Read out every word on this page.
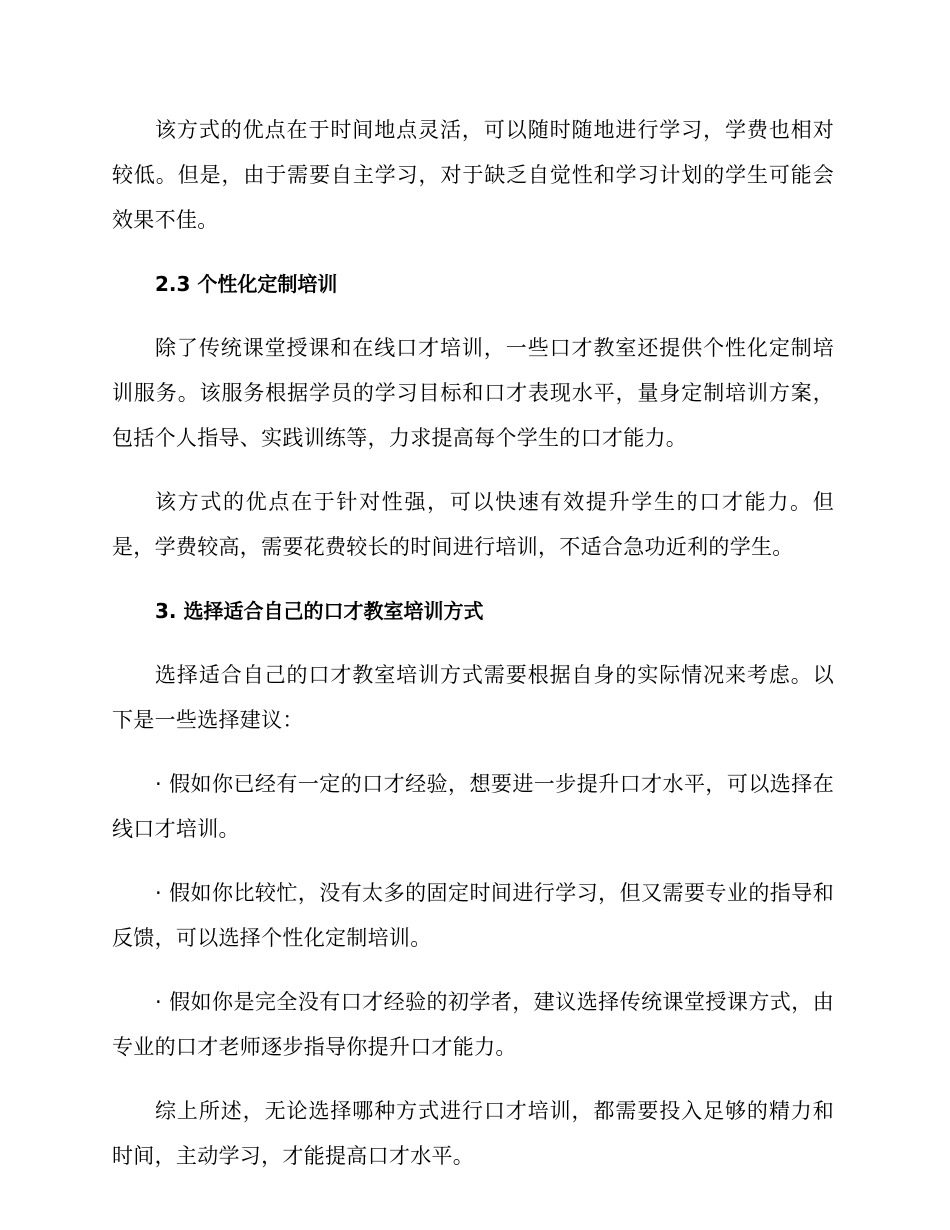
该方式的优点在于时间地点灵活，可以随时随地进行学习，学费也相对较低。但是，由于需要自主学习，对于缺乏自觉性和学习计划的学生可能会效果不佳。

2.3 个性化定制培训

除了传统课堂授课和在线口才培训，一些口才教室还提供个性化定制培训服务。该服务根据学员的学习目标和口才表现水平，量身定制培训方案，包括个人指导、实践训练等，力求提高每个学生的口才能力。

该方式的优点在于针对性强，可以快速有效提升学生的口才能力。但是，学费较高，需要花费较长的时间进行培训，不适合急功近利的学生。

3. 选择适合自己的口才教室培训方式

选择适合自己的口才教室培训方式需要根据自身的实际情况来考虑。以下是一些选择建议：

· 假如你已经有一定的口才经验，想要进一步提升口才水平，可以选择在线口才培训。

· 假如你比较忙，没有太多的固定时间进行学习，但又需要专业的指导和反馈，可以选择个性化定制培训。

· 假如你是完全没有口才经验的初学者，建议选择传统课堂授课方式，由专业的口才老师逐步指导你提升口才能力。

综上所述，无论选择哪种方式进行口才培训，都需要投入足够的精力和时间，主动学习，才能提高口才水平。
